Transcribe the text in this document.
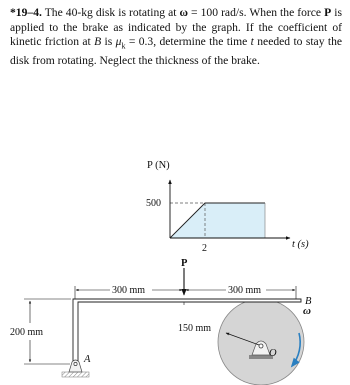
*19–4. The 40-kg disk is rotating at ω = 100 rad/s. When the force P is applied to the brake as indicated by the graph. If the coefficient of kinetic friction at B is $\mu_k = 0.3$, determine the time t needed to stay the disk from rotating. Neglect the thickness of the brake.
P (N)
t (s)
500
2
P
300 mm	300 mm
150 mm
O
ω
A
B
200 mm
